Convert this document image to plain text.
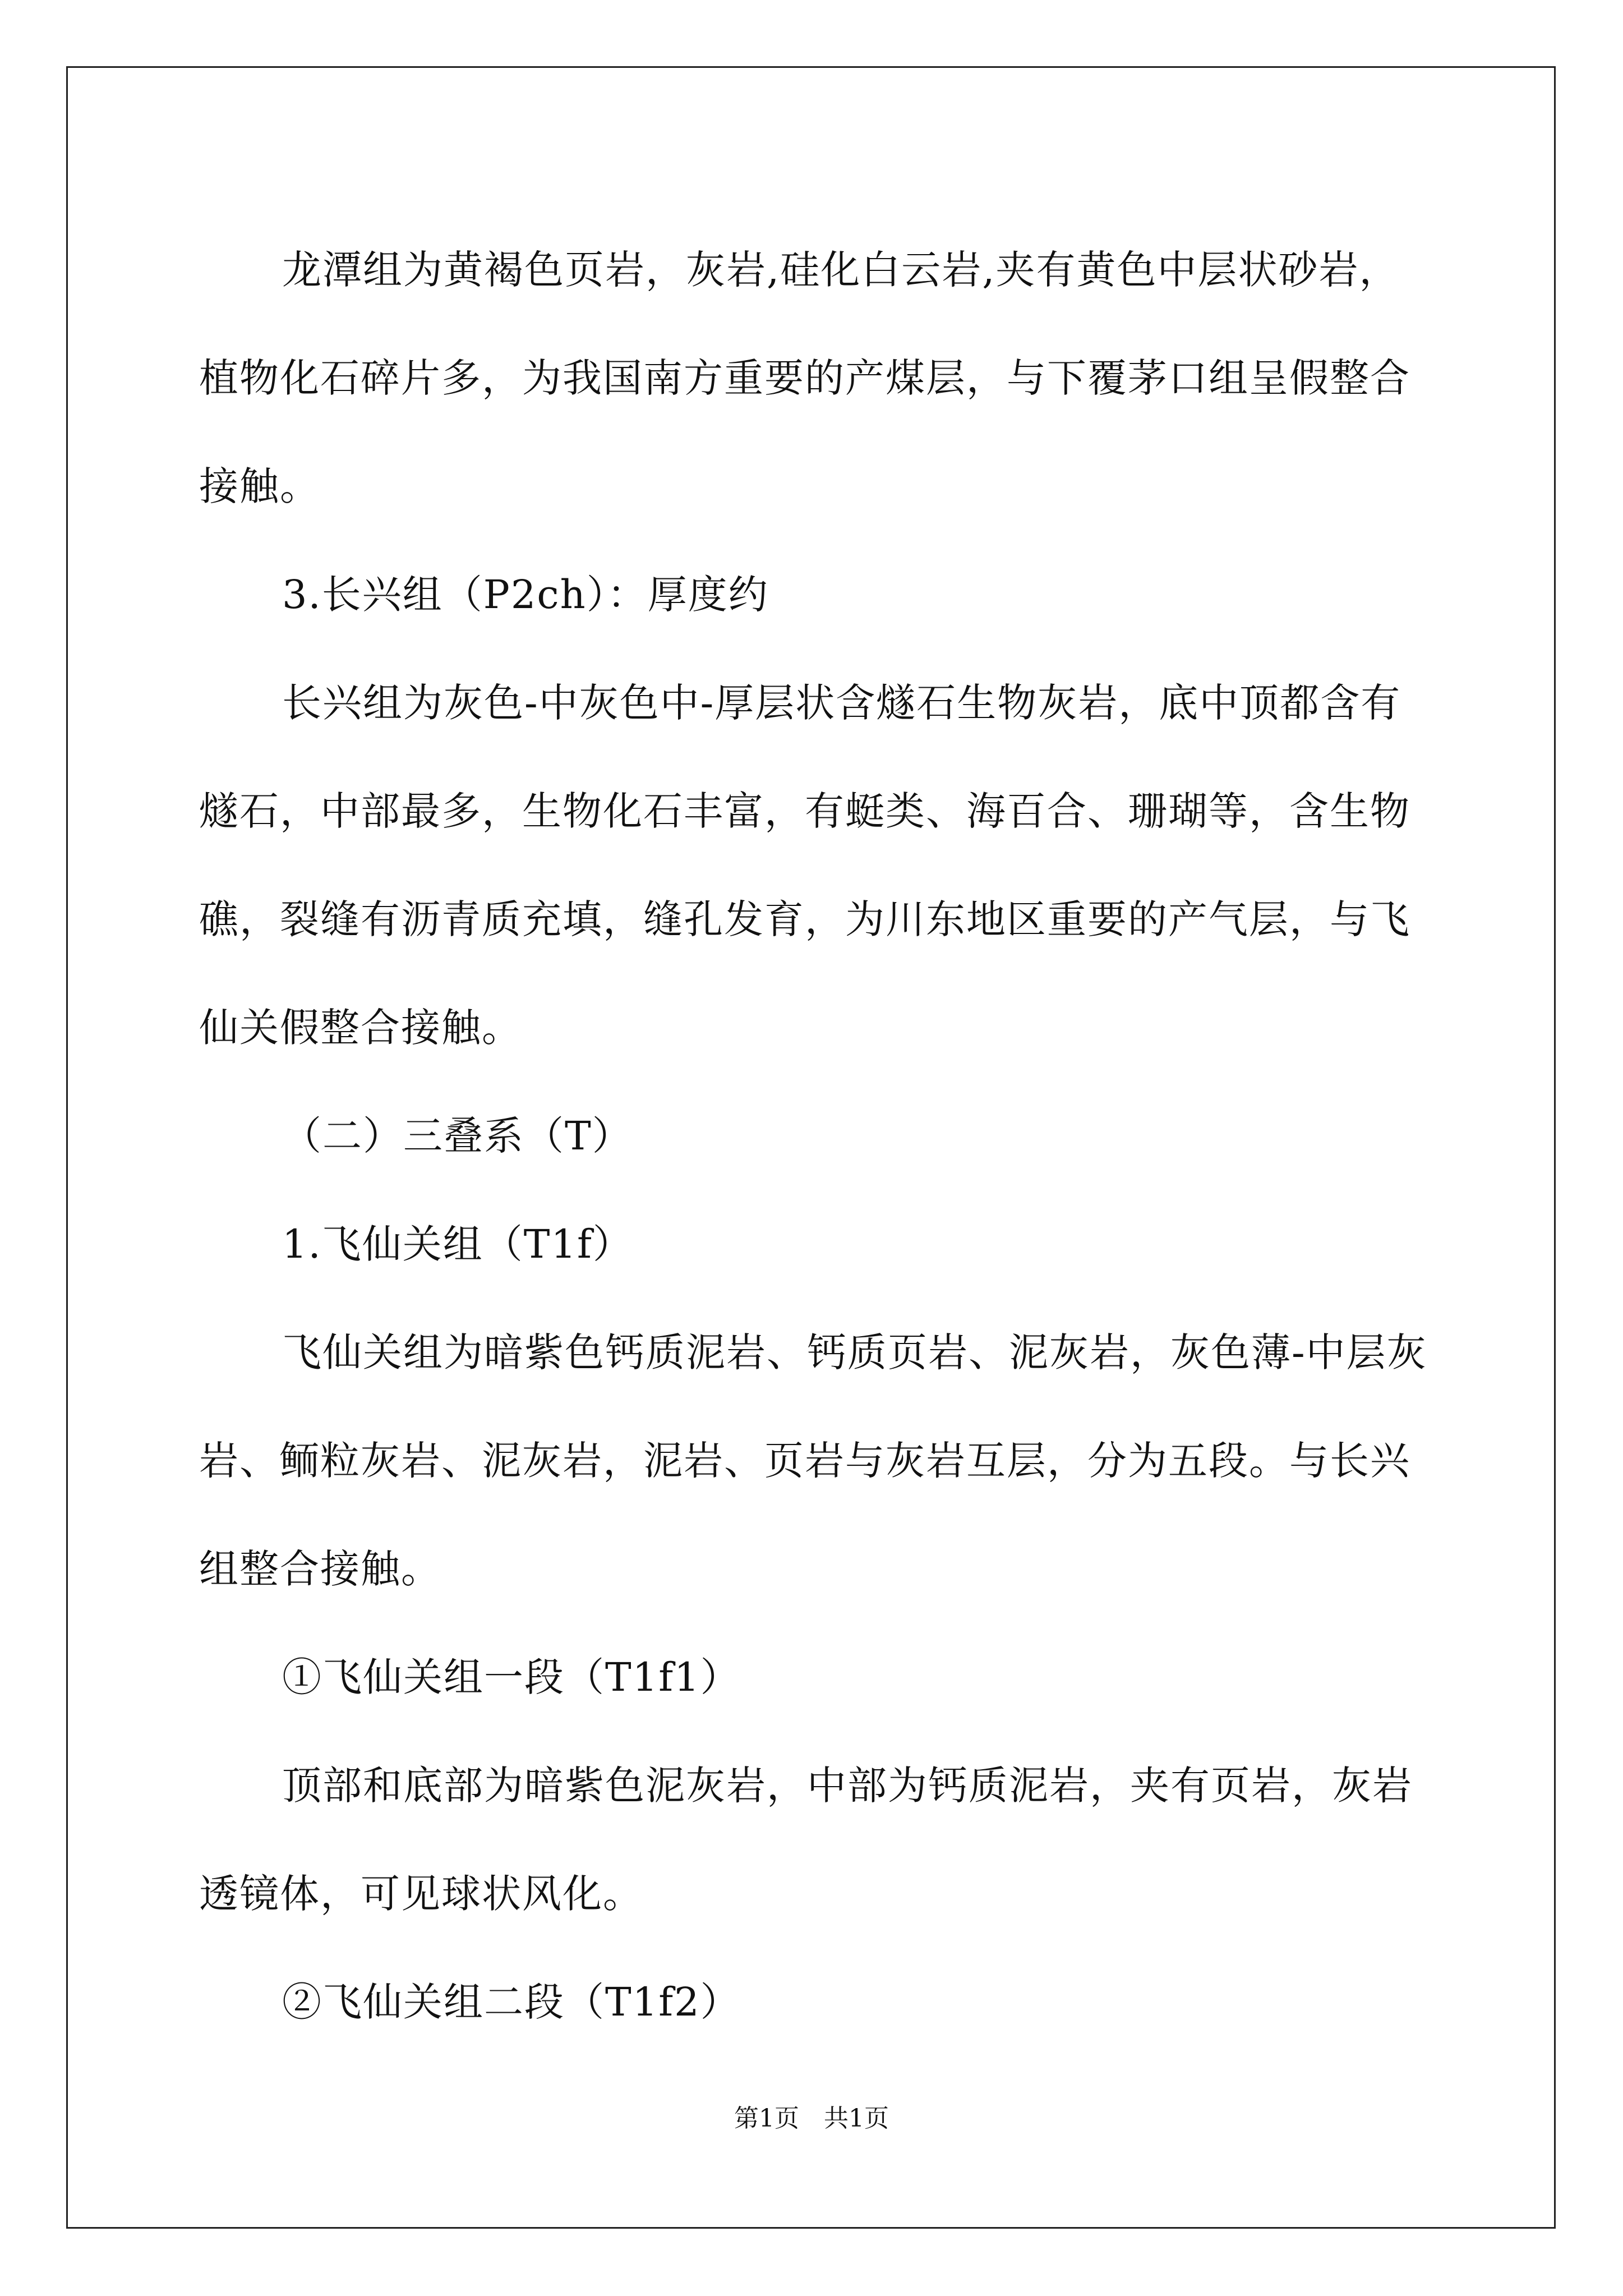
龙潭组为黄褐色页岩，灰岩,硅化白云岩,夹有黄色中层状砂岩，植物化石碎片多，为我国南方重要的产煤层，与下覆茅口组呈假整合接触。

3.长兴组（P2ch）：厚度约

长兴组为灰色-中灰色中-厚层状含燧石生物灰岩，底中顶都含有燧石，中部最多，生物化石丰富，有蜓类、海百合、珊瑚等，含生物礁，裂缝有沥青质充填，缝孔发育，为川东地区重要的产气层，与飞仙关假整合接触。

（二）三叠系（T）

1.飞仙关组（T1f）

飞仙关组为暗紫色钙质泥岩、钙质页岩、泥灰岩，灰色薄-中层灰岩、鲕粒灰岩、泥灰岩，泥岩、页岩与灰岩互层，分为五段。与长兴组整合接触。

①飞仙关组一段（T1f1）

顶部和底部为暗紫色泥灰岩，中部为钙质泥岩，夹有页岩，灰岩透镜体，可见球状风化。

②飞仙关组二段（T1f2）

第1页　共1页
